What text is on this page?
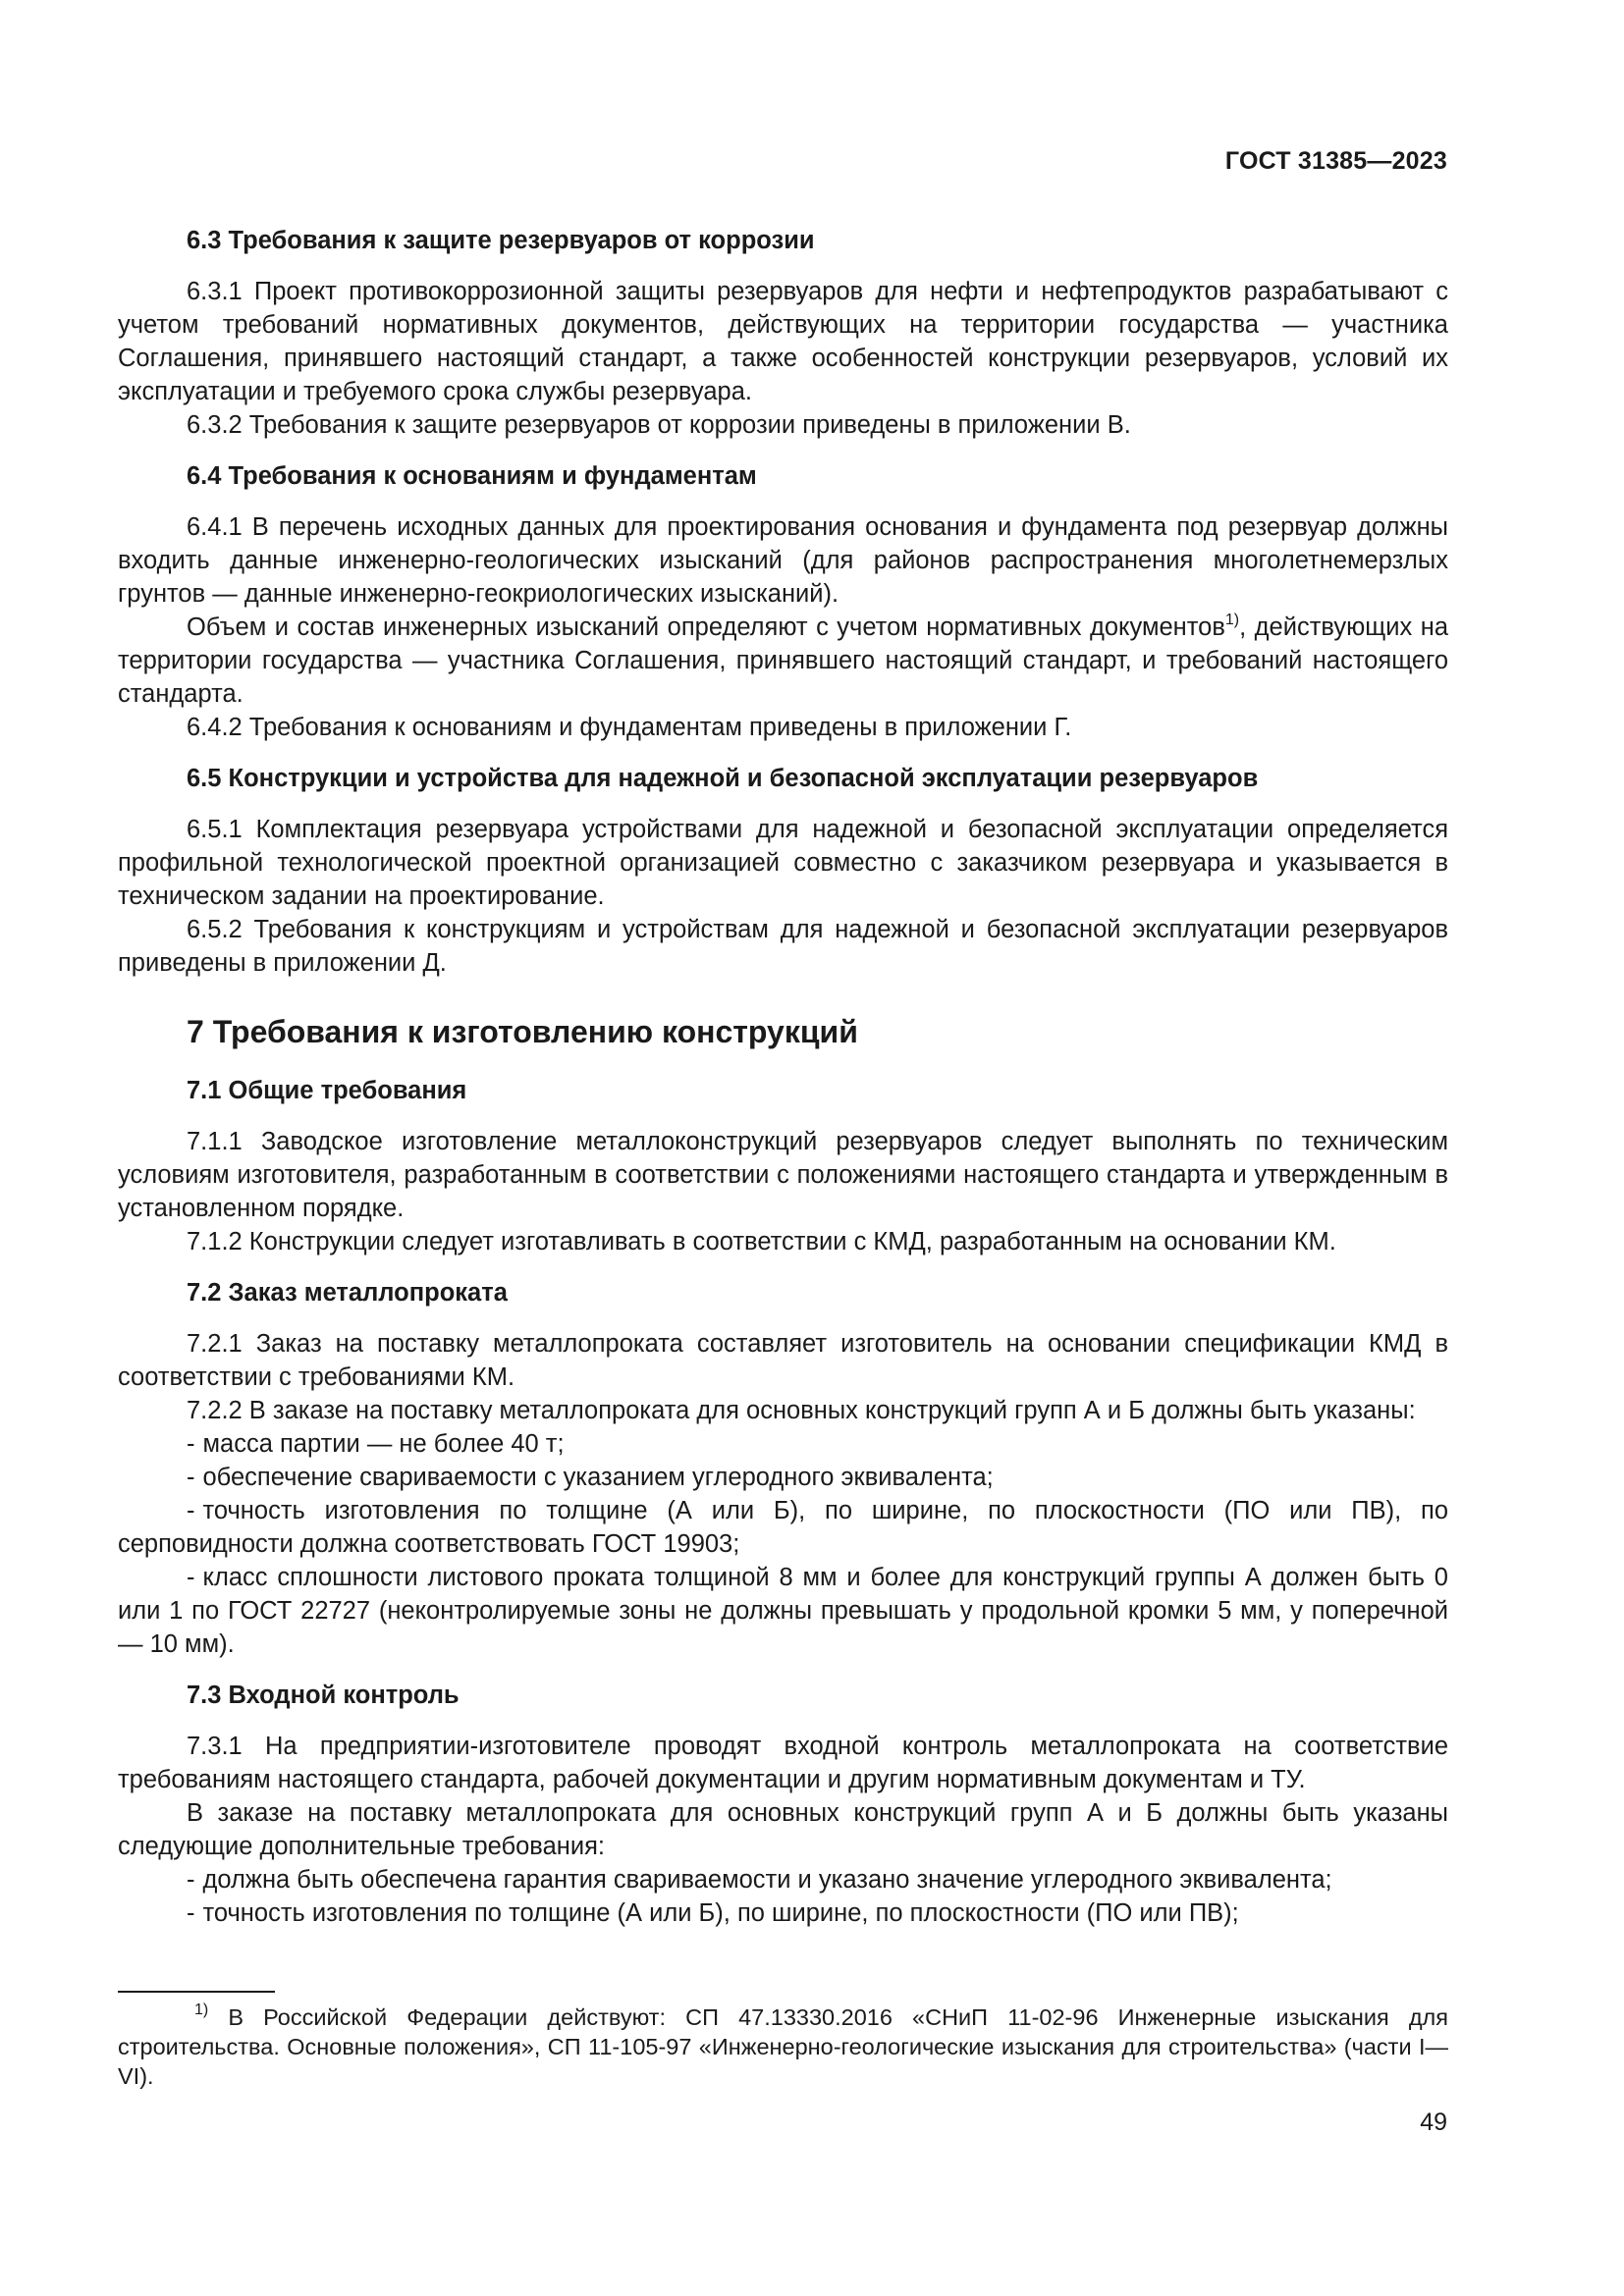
ГОСТ 31385—2023
6.3 Требования к защите резервуаров от коррозии

6.3.1 Проект противокоррозионной защиты резервуаров для нефти и нефтепродуктов разрабатывают с учетом требований нормативных документов, действующих на территории государства — участника Соглашения, принявшего настоящий стандарт, а также особенностей конструкции резервуаров, условий их эксплуатации и требуемого срока службы резервуара.

6.3.2 Требования к защите резервуаров от коррозии приведены в приложении В.

6.4 Требования к основаниям и фундаментам

6.4.1 В перечень исходных данных для проектирования основания и фундамента под резервуар должны входить данные инженерно-геологических изысканий (для районов распространения многолетнемерзлых грунтов — данные инженерно-геокриологических изысканий).

Объем и состав инженерных изысканий определяют с учетом нормативных документов$^{1)}$, действующих на территории государства — участника Соглашения, принявшего настоящий стандарт, и требований настоящего стандарта.

6.4.2 Требования к основаниям и фундаментам приведены в приложении Г.

6.5 Конструкции и устройства для надежной и безопасной эксплуатации резервуаров

6.5.1 Комплектация резервуара устройствами для надежной и безопасной эксплуатации определяется профильной технологической проектной организацией совместно с заказчиком резервуара и указывается в техническом задании на проектирование.

6.5.2 Требования к конструкциям и устройствам для надежной и безопасной эксплуатации резервуаров приведены в приложении Д.

7 Требования к изготовлению конструкций
7.1 Общие требования

7.1.1 Заводское изготовление металлоконструкций резервуаров следует выполнять по техническим условиям изготовителя, разработанным в соответствии с положениями настоящего стандарта и утвержденным в установленном порядке.

7.1.2 Конструкции следует изготавливать в соответствии с КМД, разработанным на основании КМ.

7.2 Заказ металлопроката

7.2.1 Заказ на поставку металлопроката составляет изготовитель на основании спецификации КМД в соответствии с требованиями КМ.

7.2.2 В заказе на поставку металлопроката для основных конструкций групп А и Б должны быть указаны:

- масса партии — не более 40 т;

- обеспечение свариваемости с указанием углеродного эквивалента;

- точность изготовления по толщине (А или Б), по ширине, по плоскостности (ПО или ПВ), по серповидности должна соответствовать ГОСТ 19903;

- класс сплошности листового проката толщиной 8 мм и более для конструкций группы А должен быть 0 или 1 по ГОСТ 22727 (неконтролируемые зоны не должны превышать у продольной кромки 5 мм, у поперечной — 10 мм).

7.3 Входной контроль

7.3.1 На предприятии-изготовителе проводят входной контроль металлопроката на соответствие требованиям настоящего стандарта, рабочей документации и другим нормативным документам и ТУ.

В заказе на поставку металлопроката для основных конструкций групп А и Б должны быть указаны следующие дополнительные требования:

- должна быть обеспечена гарантия свариваемости и указано значение углеродного эквивалента;

- точность изготовления по толщине (А или Б), по ширине, по плоскостности (ПО или ПВ);

$^{1)}$ В Российской Федерации действуют: СП 47.13330.2016 «СНиП 11-02-96 Инженерные изыскания для строительства. Основные положения», СП 11-105-97 «Инженерно-геологические изыскания для строительства» (части I—VI).

49
